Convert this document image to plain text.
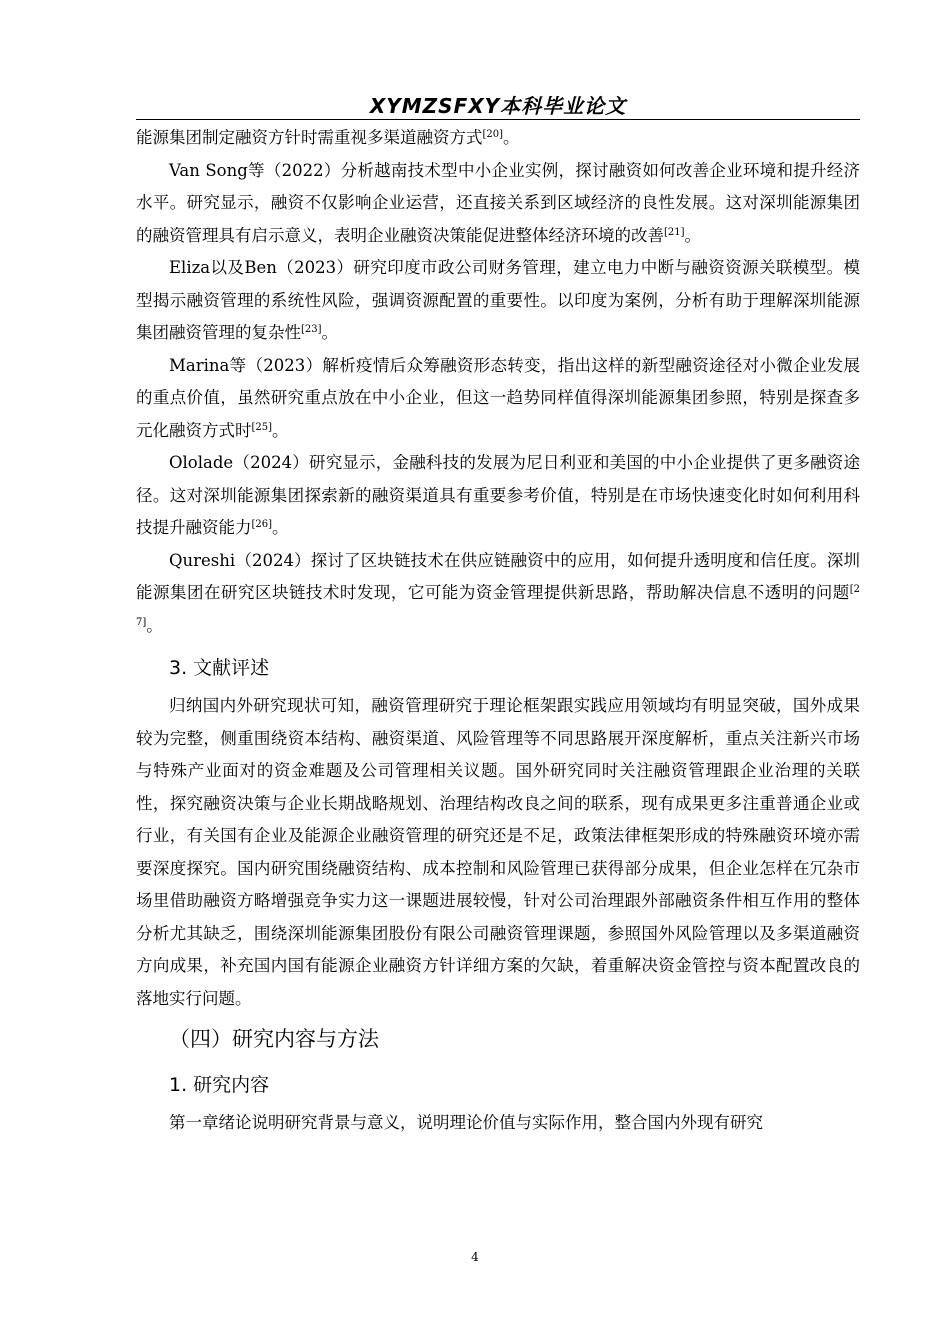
XYMZSFXY本科毕业论文

能源集团制定融资方针时需重视多渠道融资方式[20]。

Van Song等（2022）分析越南技术型中小企业实例，探讨融资如何改善企业环境和提升经济水平。研究显示，融资不仅影响企业运营，还直接关系到区域经济的良性发展。这对深圳能源集团的融资管理具有启示意义，表明企业融资决策能促进整体经济环境的改善[21]。

Eliza以及Ben（2023）研究印度市政公司财务管理，建立电力中断与融资资源关联模型。模型揭示融资管理的系统性风险，强调资源配置的重要性。以印度为案例，分析有助于理解深圳能源集团融资管理的复杂性[23]。

Marina等（2023）解析疫情后众筹融资形态转变，指出这样的新型融资途径对小微企业发展的重点价值，虽然研究重点放在中小企业，但这一趋势同样值得深圳能源集团参照，特别是探查多元化融资方式时[25]。

Ololade（2024）研究显示，金融科技的发展为尼日利亚和美国的中小企业提供了更多融资途径。这对深圳能源集团探索新的融资渠道具有重要参考价值，特别是在市场快速变化时如何利用科技提升融资能力[26]。

Qureshi（2024）探讨了区块链技术在供应链融资中的应用，如何提升透明度和信任度。深圳能源集团在研究区块链技术时发现，它可能为资金管理提供新思路，帮助解决信息不透明的问题[27]。

3. 文献评述

归纳国内外研究现状可知，融资管理研究于理论框架跟实践应用领域均有明显突破，国外成果较为完整，侧重围绕资本结构、融资渠道、风险管理等不同思路展开深度解析，重点关注新兴市场与特殊产业面对的资金难题及公司管理相关议题。国外研究同时关注融资管理跟企业治理的关联性，探究融资决策与企业长期战略规划、治理结构改良之间的联系，现有成果更多注重普通企业或行业，有关国有企业及能源企业融资管理的研究还是不足，政策法律框架形成的特殊融资环境亦需要深度探究。国内研究围绕融资结构、成本控制和风险管理已获得部分成果，但企业怎样在冗杂市场里借助融资方略增强竞争实力这一课题进展较慢，针对公司治理跟外部融资条件相互作用的整体分析尤其缺乏，围绕深圳能源集团股份有限公司融资管理课题，参照国外风险管理以及多渠道融资方向成果，补充国内国有能源企业融资方针详细方案的欠缺，着重解决资金管控与资本配置改良的落地实行问题。

（四）研究内容与方法
1. 研究内容

第一章绪论说明研究背景与意义，说明理论价值与实际作用，整合国内外现有研究

4
